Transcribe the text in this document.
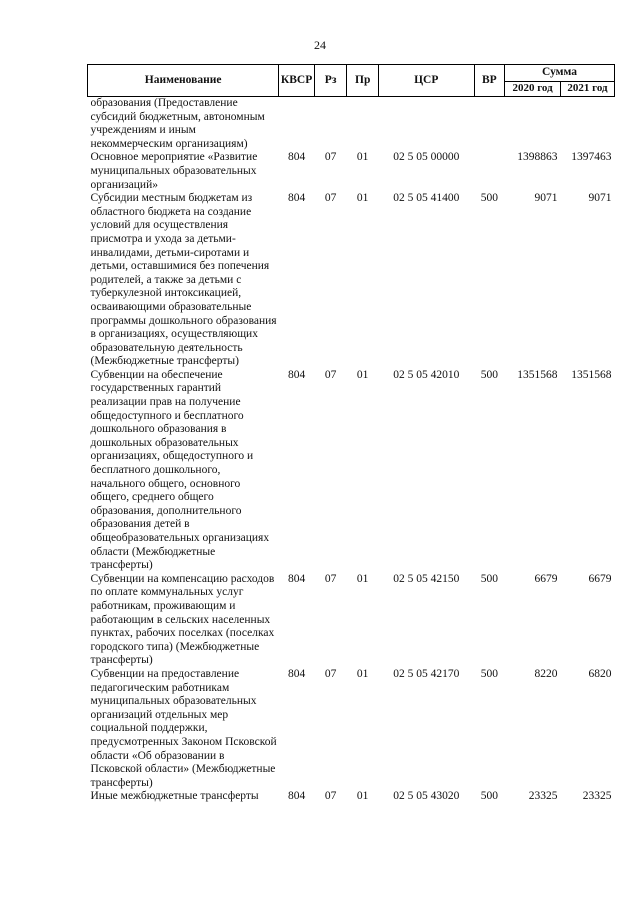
24
Наименование	КВСР	Рз	Пр	ЦСР	ВР	Сумма	
						2020 год	2021 год
образования (Предоставление субсидий бюджетным, автономным учреждениям и иным некоммерческим организациям)							
Основное мероприятие «Развитие муниципальных образовательных организаций»	804	07	01	02 5 05 00000		1398863	1397463
Субсидии местным бюджетам из областного бюджета на создание условий для осуществления присмотра и ухода за детьми-инвалидами, детьми-сиротами и детьми, оставшимися без попечения родителей, а также за детьми с туберкулезной интоксикацией, осваивающими образовательные программы дошкольного образования в организациях, осуществляющих образовательную деятельность (Межбюджетные трансферты)	804	07	01	02 5 05 41400	500	9071	9071
Субвенции на обеспечение государственных гарантий реализации прав на получение общедоступного и бесплатного дошкольного образования в дошкольных образовательных организациях, общедоступного и бесплатного дошкольного, начального общего, основного общего, среднего общего образования, дополнительного образования детей в общеобразовательных организациях области (Межбюджетные трансферты)	804	07	01	02 5 05 42010	500	1351568	1351568
Субвенции на компенсацию расходов по оплате коммунальных услуг работникам, проживающим и работающим в сельских населенных пунктах, рабочих поселках (поселках городского типа) (Межбюджетные трансферты)	804	07	01	02 5 05 42150	500	6679	6679
Субвенции на предоставление педагогическим работникам муниципальных образовательных организаций отдельных мер социальной поддержки, предусмотренных Законом Псковской области «Об образовании в Псковской области» (Межбюджетные трансферты)	804	07	01	02 5 05 42170	500	8220	6820
Иные межбюджетные трансферты	804	07	01	02 5 05 43020	500	23325	23325
